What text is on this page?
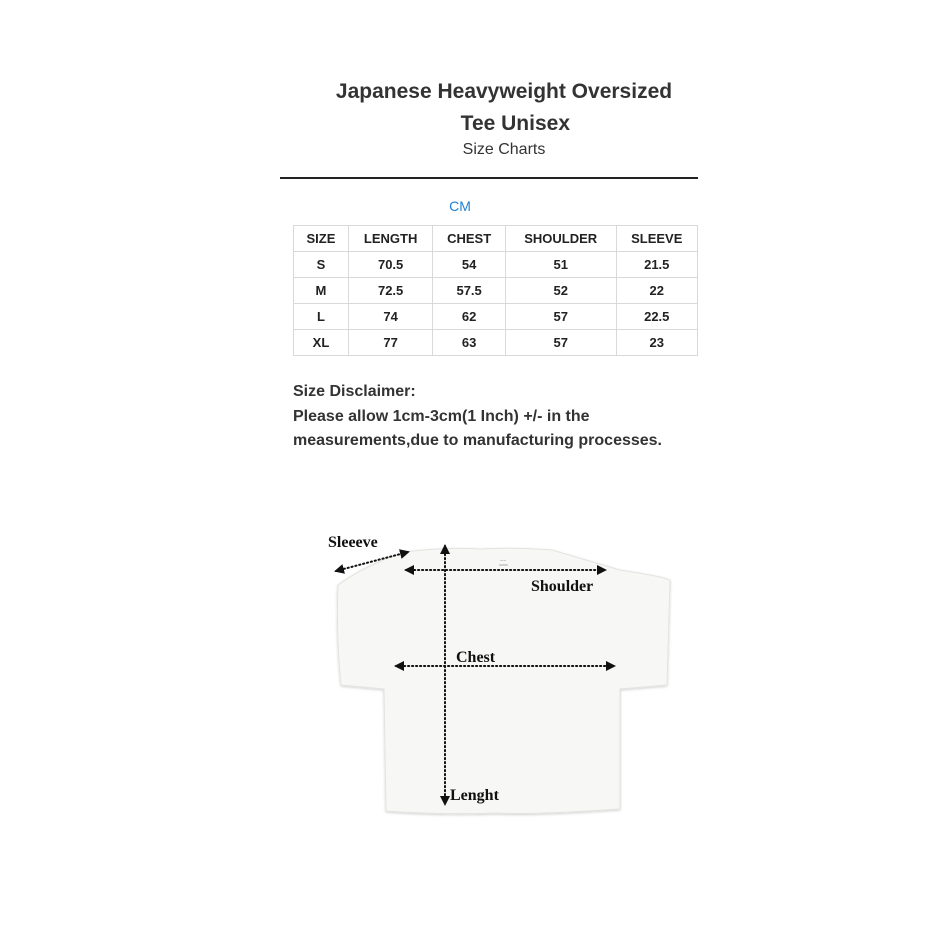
Japanese Heavyweight Oversized
Tee Unisex
Size Charts
CM
SIZE	LENGTH	CHEST	SHOULDER	SLEEVE
S	70.5	54	51	21.5
M	72.5	57.5	52	22
L	74	62	57	22.5
XL	77	63	57	23
Size Disclaimer:
Please allow 1cm-3cm(1 Inch) +/- in the
measurements,due to manufacturing processes.
~ ~
Sleeeve
Shoulder
Chest
Lenght
